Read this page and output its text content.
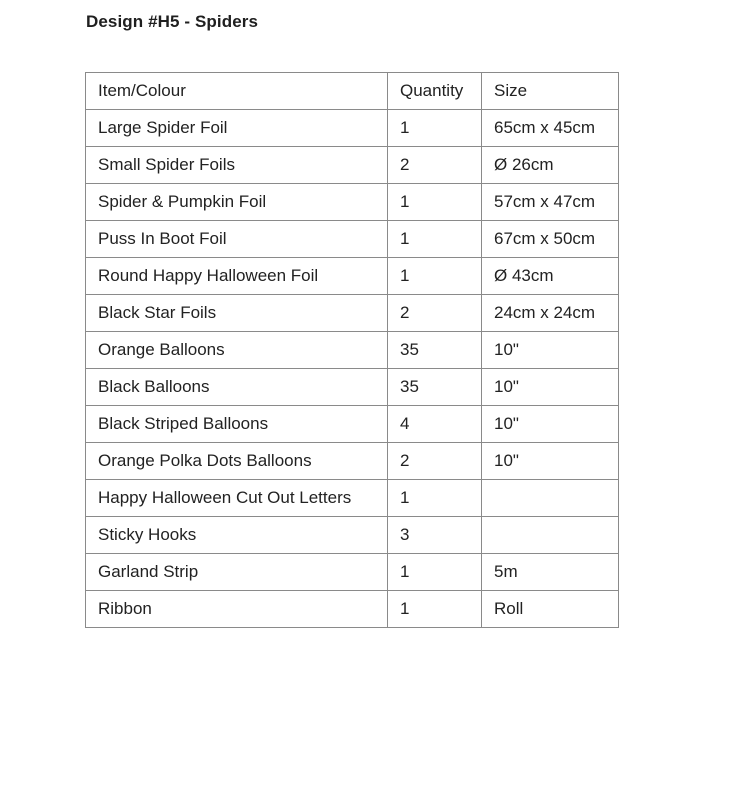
Design #H5 - Spiders
Item/Colour	Quantity	Size
Large Spider Foil	1	65cm x 45cm
Small Spider Foils	2	Ø 26cm
Spider & Pumpkin Foil	1	57cm x 47cm
Puss In Boot Foil	1	67cm x 50cm
Round Happy Halloween Foil	1	Ø 43cm
Black Star Foils	2	24cm x 24cm
Orange Balloons	35	10"
Black Balloons	35	10"
Black Striped Balloons	4	10"
Orange Polka Dots Balloons	2	10"
Happy Halloween Cut Out Letters	1	
Sticky Hooks	3	
Garland Strip	1	5m
Ribbon	1	Roll
